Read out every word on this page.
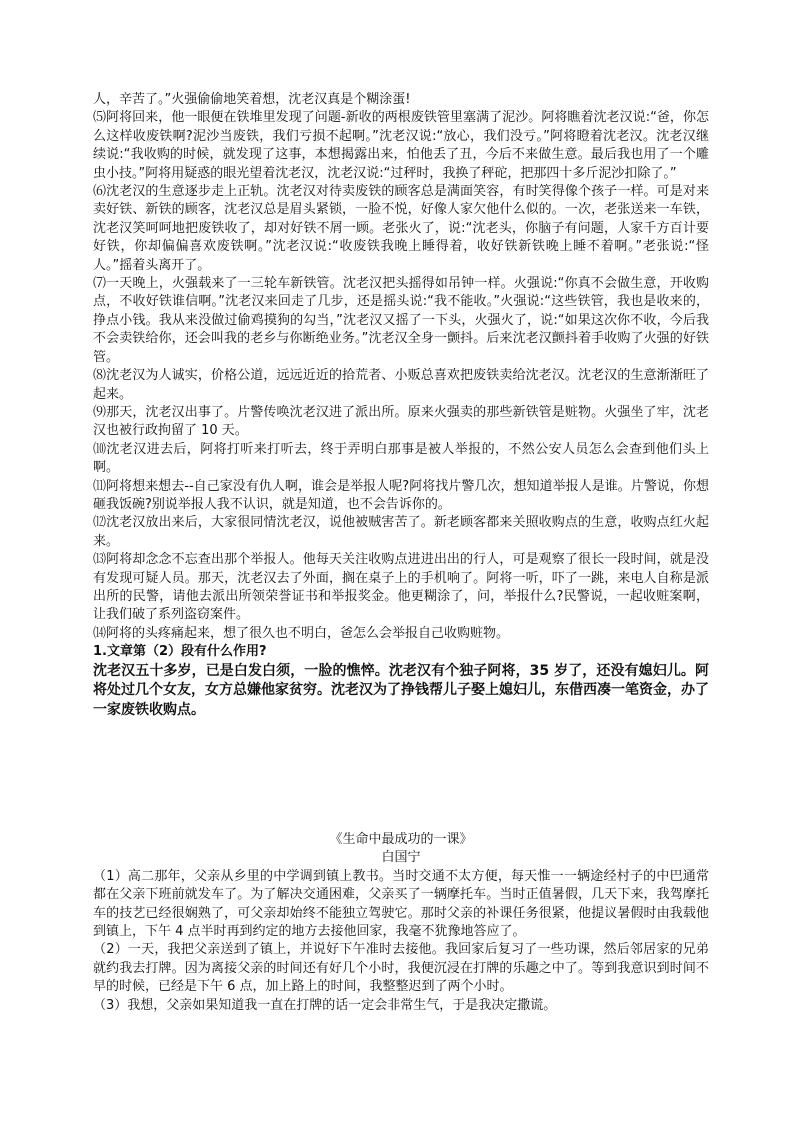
人，辛苦了。”火强偷偷地笑着想，沈老汉真是个糊涂蛋!

⑸阿将回来，他一眼便在铁堆里发现了问题-新收的两根废铁管里塞满了泥沙。阿将瞧着沈老汉说:“爸，你怎么这样收废铁啊?泥沙当废铁，我们亏损不起啊。”沈老汉说:“放心，我们没亏。”阿将瞪着沈老汉。沈老汉继续说:“我收购的时候，就发现了这事，本想揭露出来，怕他丢了丑，今后不来做生意。最后我也用了一个雕虫小技。”阿将用疑惑的眼光望着沈老汉，沈老汉说:“过秤时，我换了秤砣，把那四十多斤泥沙扣除了。”

⑹沈老汉的生意逐步走上正轨。沈老汉对待卖废铁的顾客总是满面笑容，有时笑得像个孩子一样。可是对来卖好铁、新铁的顾客，沈老汉总是眉头紧锁，一脸不悦，好像人家欠他什么似的。一次，老张送来一车铁，沈老汉笑呵呵地把废铁收了，却对好铁不屑一顾。老张火了，说:“沈老头，你脑子有问题，人家千方百计要好铁，你却偏偏喜欢废铁啊。”沈老汉说:“收废铁我晚上睡得着，收好铁新铁晚上睡不着啊。”老张说:“怪人。”摇着头离开了。

⑺一天晚上，火强载来了一三轮车新铁管。沈老汉把头摇得如吊钟一样。火强说:“你真不会做生意，开收购点，不收好铁谁信啊。”沈老汉来回走了几步，还是摇头说:“我不能收。”火强说:“这些铁管，我也是收来的，挣点小钱。我从来没做过偷鸡摸狗的勾当，”沈老汉又摇了一下头，火强火了，说:“如果这次你不收，今后我不会卖铁给你，还会叫我的老乡与你断绝业务。”沈老汉全身一颤抖。后来沈老汉颤抖着手收购了火强的好铁管。

⑻沈老汉为人诚实，价格公道，远远近近的拾荒者、小贩总喜欢把废铁卖给沈老汉。沈老汉的生意渐渐旺了起来。

⑼那天，沈老汉出事了。片警传唤沈老汉进了派出所。原来火强卖的那些新铁管是赃物。火强坐了牢，沈老汉也被行政拘留了 10 天。

⑽沈老汉进去后，阿将打听来打听去，终于弄明白那事是被人举报的，不然公安人员怎么会查到他们头上啊。

⑾阿将想来想去--自己家没有仇人啊，谁会是举报人呢?阿将找片警几次，想知道举报人是谁。片警说，你想砸我饭碗?别说举报人我不认识，就是知道，也不会告诉你的。

⑿沈老汉放出来后，大家很同情沈老汉，说他被贼害苦了。新老顾客都来关照收购点的生意，收购点红火起来。

⒀阿将却念念不忘查出那个举报人。他每天关注收购点进进出出的行人，可是观察了很长一段时间，就是没有发现可疑人员。那天，沈老汉去了外面，搁在桌子上的手机响了。阿将一听，吓了一跳，来电人自称是派出所的民警，请他去派出所领荣誉证书和举报奖金。他更糊涂了，问，举报什么?民警说，一起收赃案啊，让我们破了系列盗窃案件。

⒁阿将的头疼痛起来，想了很久也不明白，爸怎么会举报自己收购赃物。

1.文章第（2）段有什么作用?

沈老汉五十多岁，已是白发白须，一脸的憔悴。沈老汉有个独子阿将，35 岁了，还没有媳妇儿。阿将处过几个女友，女方总嫌他家贫穷。沈老汉为了挣钱帮儿子娶上媳妇儿，东借西凑一笔资金，办了一家废铁收购点。

《生命中最成功的一课》

白国宁

（1）高二那年，父亲从乡里的中学调到镇上教书。当时交通不太方便，每天惟一一辆途经村子的中巴通常都在父亲下班前就发车了。为了解决交通困难，父亲买了一辆摩托车。当时正值暑假，几天下来，我驾摩托车的技艺已经很娴熟了，可父亲却始终不能独立驾驶它。那时父亲的补课任务很紧，他提议暑假时由我载他到镇上，下午 4 点半时再到约定的地方去接他回家，我毫不犹豫地答应了。

（2）一天，我把父亲送到了镇上，并说好下午准时去接他。我回家后复习了一些功课，然后邻居家的兄弟就约我去打牌。因为离接父亲的时间还有好几个小时，我便沉浸在打牌的乐趣之中了。等到我意识到时间不早的时候，已经是下午 6 点，加上路上的时间，我整整迟到了两个小时。

（3）我想，父亲如果知道我一直在打牌的话一定会非常生气，于是我决定撒谎。
